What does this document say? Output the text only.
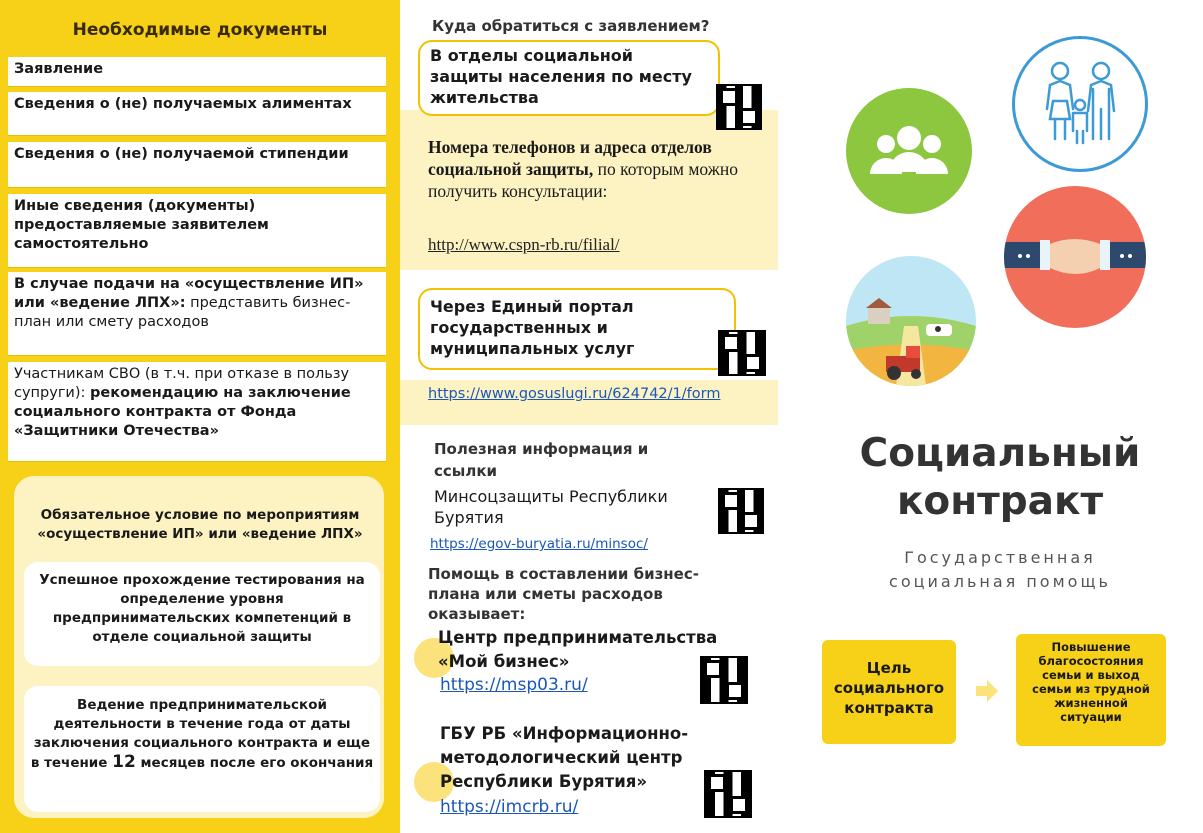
Необходимые документы
Заявление
Сведения о (не) получаемых алиментах
Сведения о (не) получаемой стипендии
Иные сведения (документы) предоставляемые заявителем самостоятельно
В случае подачи на «осуществление ИП» или «ведение ЛПХ»: представить бизнес-план или смету расходов
Участникам СВО (в т.ч. при отказе в пользу супруги): рекомендацию на заключение социального контракта от Фонда «Защитники Отечества»
Обязательное условие по мероприятиям «осуществление ИП» или «ведение ЛПХ»
Успешное прохождение тестирования на определение уровня предпринимательских компетенций в отделе социальной защиты
Ведение предпринимательской деятельности в течение года от даты заключения социального контракта и еще в течение 12 месяцев после его окончания
Куда обратиться с заявлением?
В отделы социальной защиты населения по месту жительства
Номера телефонов и адреса отделов социальной защиты, по которым можно получить консультации:
http://www.cspn-rb.ru/filial/
Через Единый портал государственных и муниципальных услуг
https://www.gosuslugi.ru/624742/1/form
Полезная информация и ссылки
Минсоцзащиты Республики Бурятия
https://egov-buryatia.ru/minsoc/
Помощь в составлении бизнес-плана или сметы расходов оказывает:
Центр предпринимательства «Мой бизнес»
https://msp03.ru/
ГБУ РБ «Информационно-методологический центр Республики Бурятия»
https://imcrb.ru/
Социальный
контракт
Государственная
социальная помощь
Цель социального контракта
Повышение благосостояния семьи и выход семьи из трудной жизненной ситуации
